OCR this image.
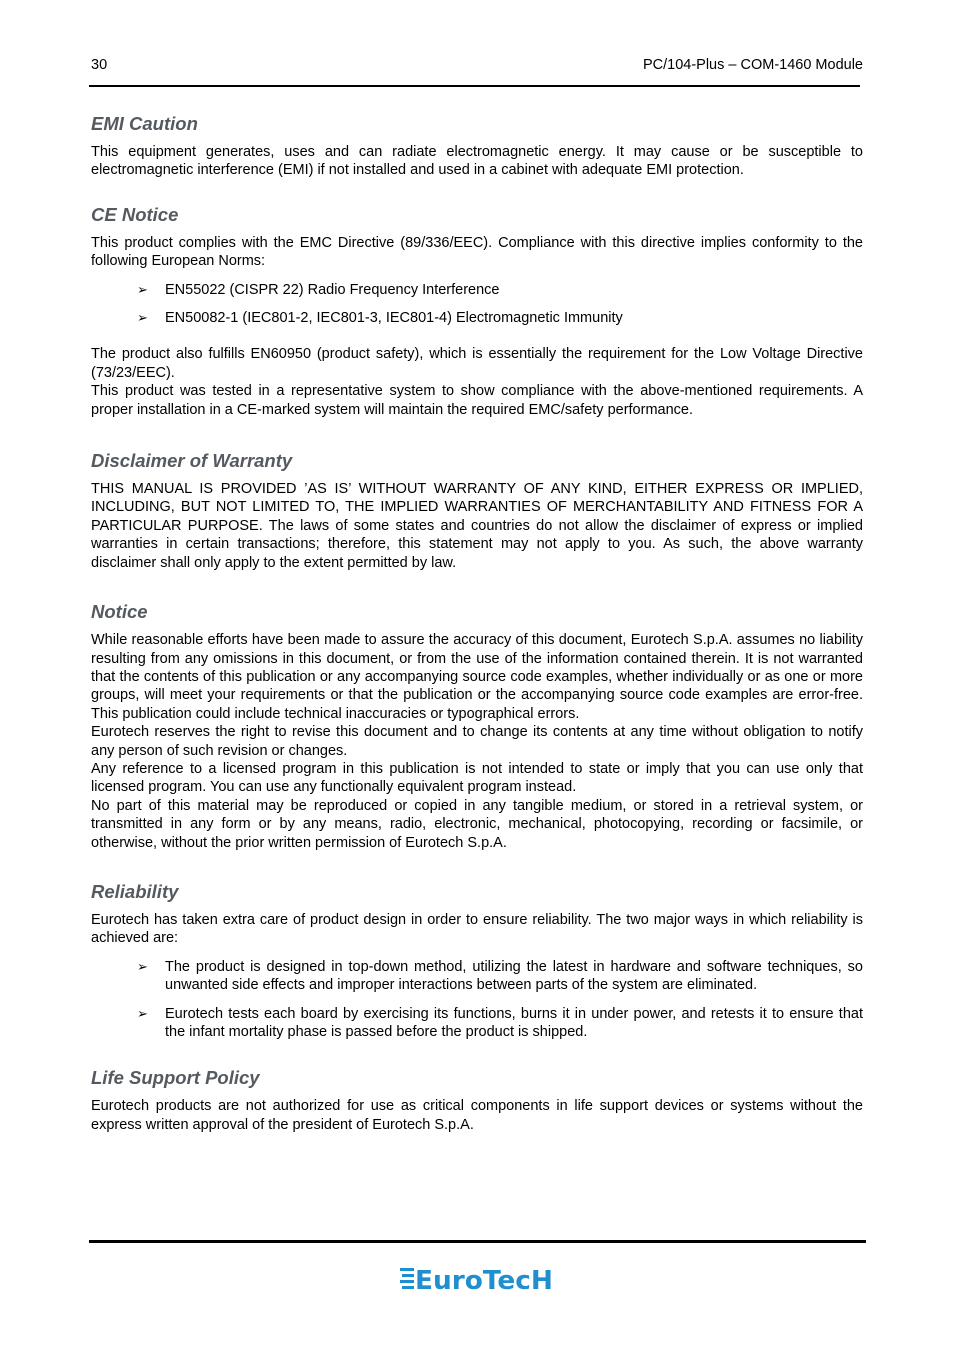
30	PC/104-Plus – COM-1460 Module
EMI Caution

This equipment generates, uses and can radiate electromagnetic energy. It may cause or be susceptible to electromagnetic interference (EMI) if not installed and used in a cabinet with adequate EMI protection.

CE Notice

This product complies with the EMC Directive (89/336/EEC). Compliance with this directive implies conformity to the following European Norms:

➢ EN55022 (CISPR 22) Radio Frequency Interference
➢ EN50082-1 (IEC801-2, IEC801-3, IEC801-4) Electromagnetic Immunity

The product also fulfills EN60950 (product safety), which is essentially the requirement for the Low Voltage Directive (73/23/EEC).

This product was tested in a representative system to show compliance with the above-mentioned requirements. A proper installation in a CE-marked system will maintain the required EMC/safety performance.

Disclaimer of Warranty

THIS MANUAL IS PROVIDED ’AS IS’ WITHOUT WARRANTY OF ANY KIND, EITHER EXPRESS OR IMPLIED, INCLUDING, BUT NOT LIMITED TO, THE IMPLIED WARRANTIES OF MERCHANTABILITY AND FITNESS FOR A PARTICULAR PURPOSE. The laws of some states and countries do not allow the disclaimer of express or implied warranties in certain transactions; therefore, this statement may not apply to you. As such, the above warranty disclaimer shall only apply to the extent permitted by law.

Notice

While reasonable efforts have been made to assure the accuracy of this document, Eurotech S.p.A. assumes no liability resulting from any omissions in this document, or from the use of the information contained therein. It is not warranted that the contents of this publication or any accompanying source code examples, whether individually or as one or more groups, will meet your requirements or that the publication or the accompanying source code examples are error-free. This publication could include technical inaccuracies or typographical errors.

Eurotech reserves the right to revise this document and to change its contents at any time without obligation to notify any person of such revision or changes.

Any reference to a licensed program in this publication is not intended to state or imply that you can use only that licensed program. You can use any functionally equivalent program instead.

No part of this material may be reproduced or copied in any tangible medium, or stored in a retrieval system, or transmitted in any form or by any means, radio, electronic, mechanical, photocopying, recording or facsimile, or otherwise, without the prior written permission of Eurotech S.p.A.

Reliability

Eurotech has taken extra care of product design in order to ensure reliability. The two major ways in which reliability is achieved are:

➢ The product is designed in top-down method, utilizing the latest in hardware and software techniques, so unwanted side effects and improper interactions between parts of the system are eliminated.
➢ Eurotech tests each board by exercising its functions, burns it in under power, and retests it to ensure that the infant mortality phase is passed before the product is shipped.
Life Support Policy

Eurotech products are not authorized for use as critical components in life support devices or systems without the express written approval of the president of Eurotech S.p.A.

EuroTecH
